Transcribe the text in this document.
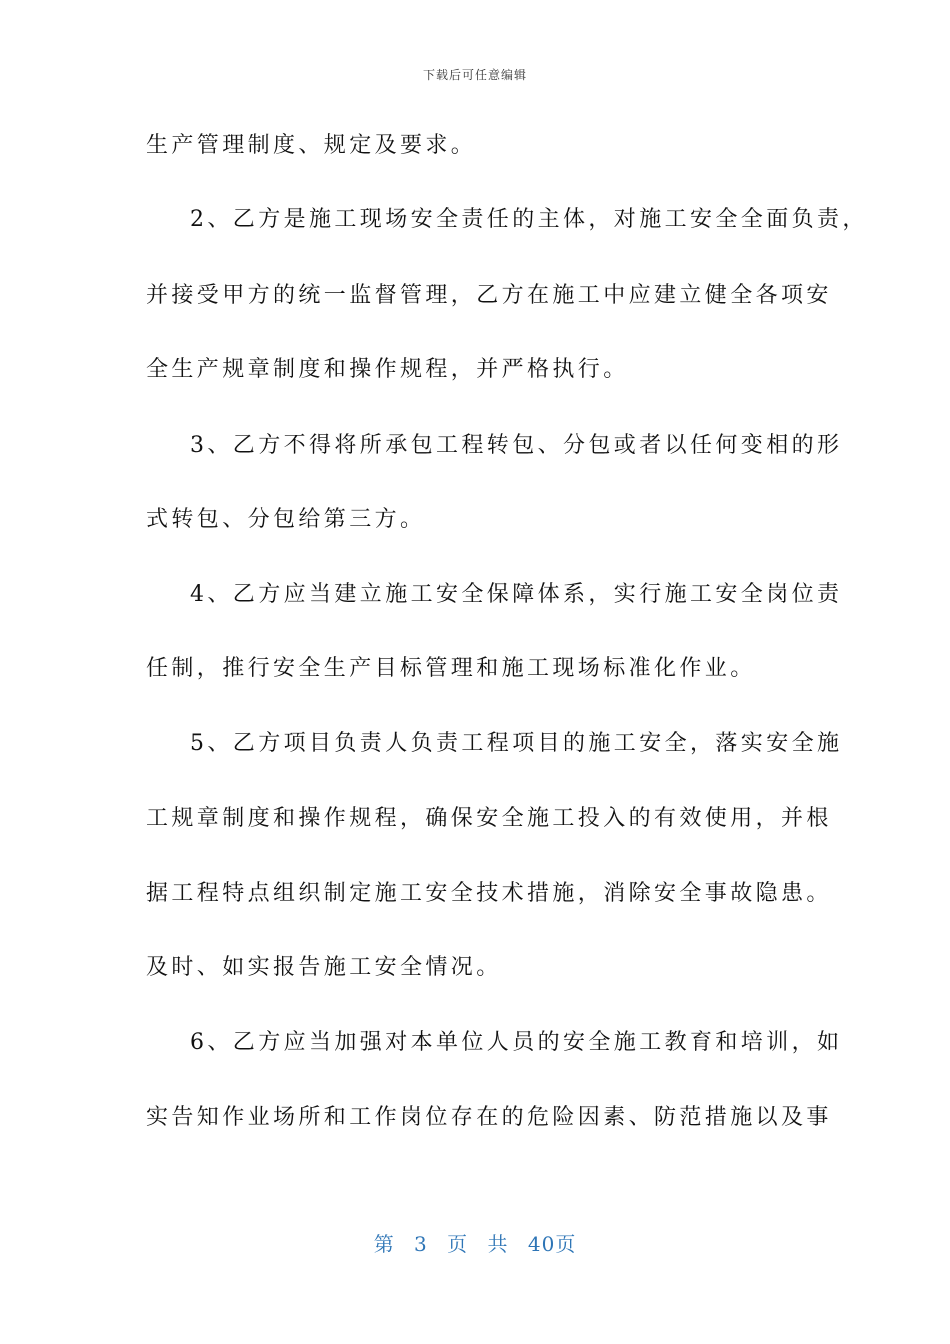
下载后可任意编辑
生产管理制度、规定及要求。
2、乙方是施工现场安全责任的主体，对施工安全全面负责，
并接受甲方的统一监督管理，乙方在施工中应建立健全各项安
全生产规章制度和操作规程，并严格执行。
3、乙方不得将所承包工程转包、分包或者以任何变相的形
式转包、分包给第三方。
4、乙方应当建立施工安全保障体系，实行施工安全岗位责
任制，推行安全生产目标管理和施工现场标准化作业。
5、乙方项目负责人负责工程项目的施工安全，落实安全施
工规章制度和操作规程，确保安全施工投入的有效使用，并根
据工程特点组织制定施工安全技术措施，消除安全事故隐患。
及时、如实报告施工安全情况。
6、乙方应当加强对本单位人员的安全施工教育和培训，如
实告知作业场所和工作岗位存在的危险因素、防范措施以及事
第 3 页 共 40页
